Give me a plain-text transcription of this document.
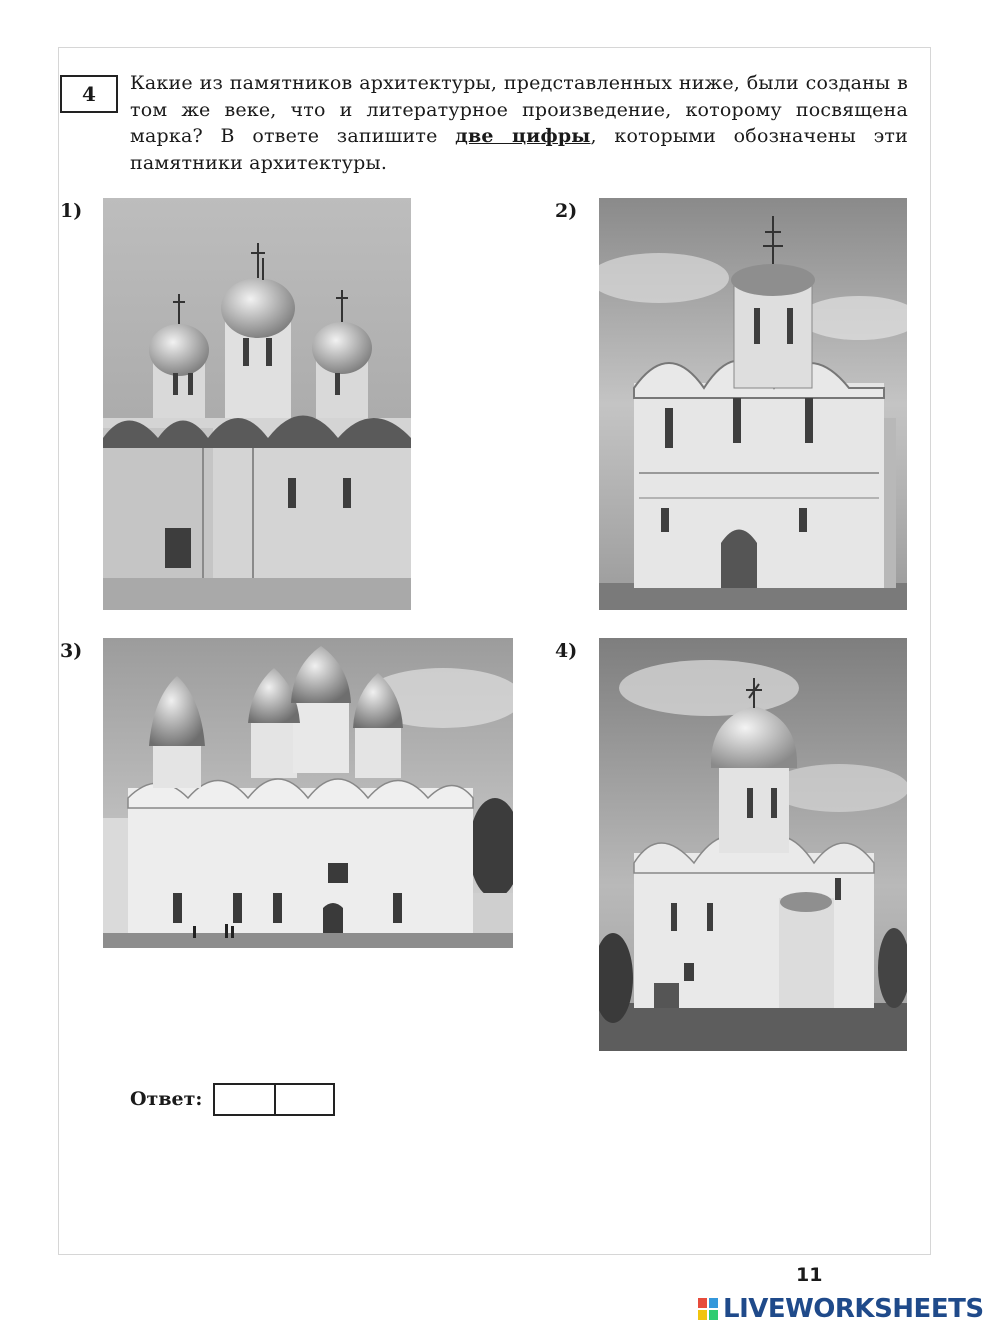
4 Какие из памятников архитектуры, представленных ниже, были созданы в том же веке, что и литературное произведение, которому посвящена марка? В ответе запишите две цифры, которыми обозначены эти памятники архитектуры.
1)	2)
3)	4)
Ответ:
11
LIVEWORKSHEETS
